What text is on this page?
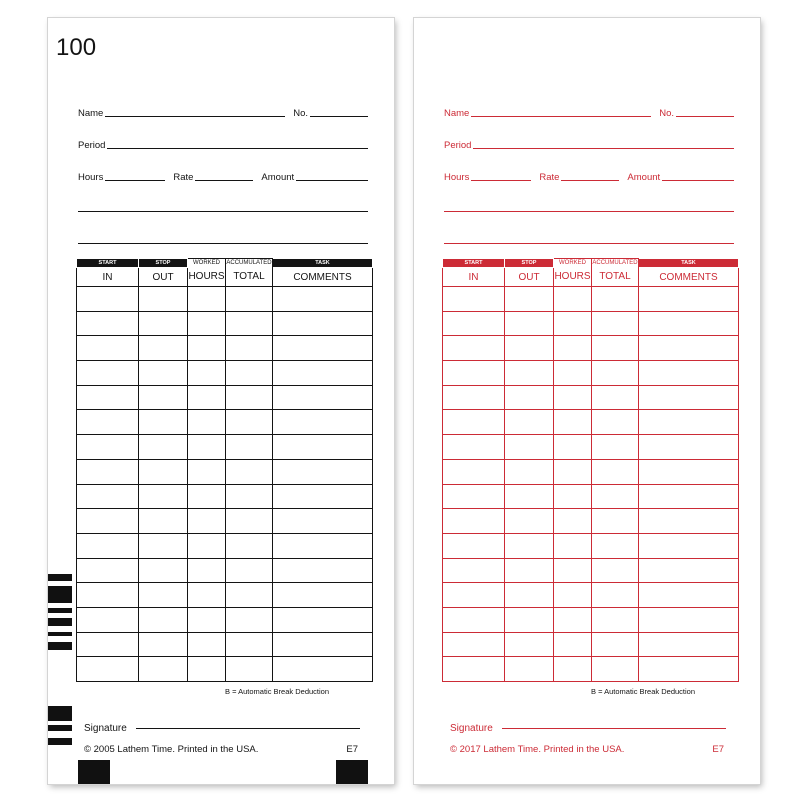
100
Name	No.
Period
Hours	Rate	Amount
START	STOP	WORKED	ACCUMULATED	TASK
IN	OUT	HOURS	TOTAL	COMMENTS

B = Automatic Break Deduction
Signature
© 2005 Lathem Time. Printed in the USA.	E7
Name	No.
Period
Hours	Rate	Amount
START	STOP	WORKED	ACCUMULATED	TASK
IN	OUT	HOURS	TOTAL	COMMENTS

B = Automatic Break Deduction
Signature
© 2017 Lathem Time. Printed in the USA.	E7
